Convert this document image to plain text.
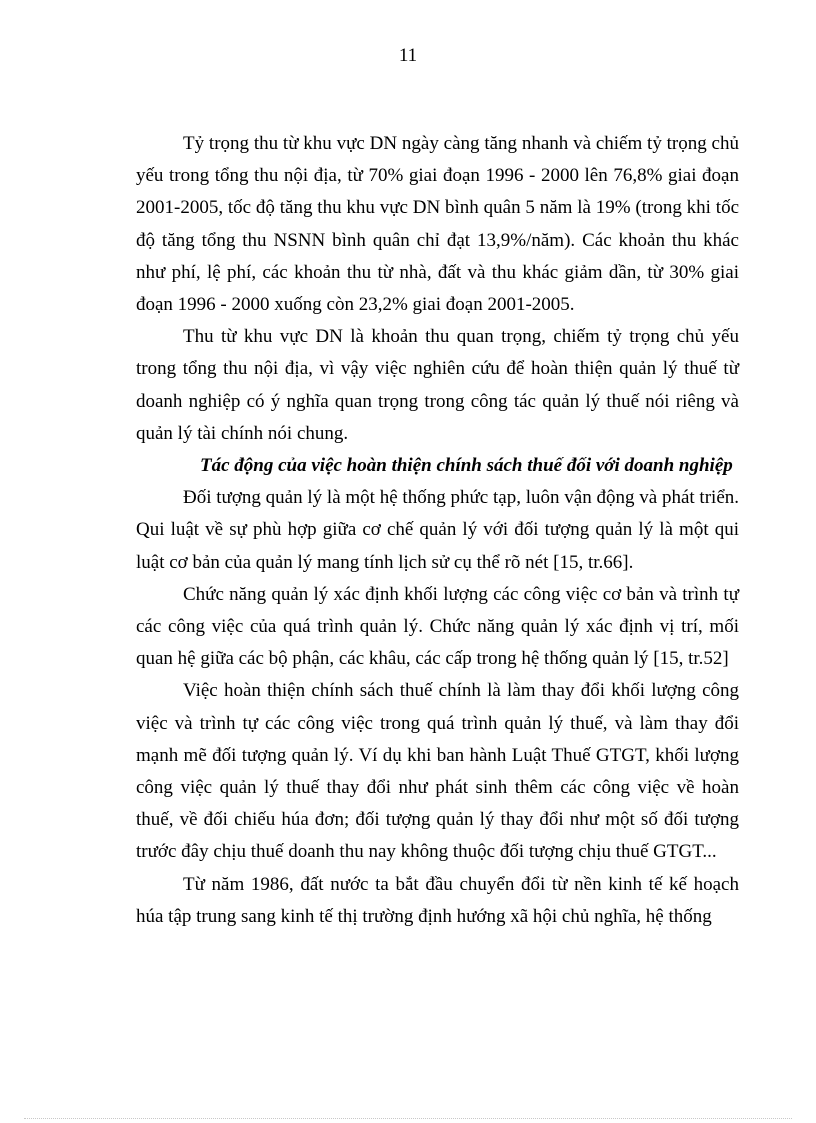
11

Tỷ trọng thu từ khu vực DN ngày càng tăng nhanh và chiếm tỷ trọng chủ yếu trong tổng thu nội địa, từ 70% giai đoạn 1996 - 2000 lên 76,8% giai đoạn 2001-2005, tốc độ tăng thu khu vực DN bình quân 5 năm là 19% (trong khi tốc độ tăng tổng thu NSNN bình quân chỉ đạt 13,9%/năm). Các khoản thu khác như phí, lệ phí, các khoản thu từ nhà, đất và thu khác giảm dần, từ 30% giai đoạn 1996 - 2000 xuống còn 23,2% giai đoạn 2001-2005.

Thu từ khu vực DN là khoản thu quan trọng, chiếm tỷ trọng chủ yếu trong tổng thu nội địa, vì vậy việc nghiên cứu để hoàn thiện quản lý thuế từ doanh nghiệp có ý nghĩa quan trọng trong công tác quản lý thuế nói riêng và quản lý tài chính nói chung.

Tác động của việc hoàn thiện chính sách thuế đối với doanh nghiệp

Đối tượng quản lý là một hệ thống phức tạp, luôn vận động và phát triển. Qui luật về sự phù hợp giữa cơ chế quản lý với đối tượng quản lý là một qui luật cơ bản của quản lý mang tính lịch sử cụ thể rõ nét [15, tr.66].

Chức năng quản lý xác định khối lượng các công việc cơ bản và trình tự các công việc của quá trình quản lý. Chức năng quản lý xác định vị trí, mối quan hệ giữa các bộ phận, các khâu, các cấp trong hệ thống quản lý [15, tr.52]

Việc hoàn thiện chính sách thuế chính là làm thay đổi khối lượng công việc và trình tự các công việc trong quá trình quản lý thuế, và làm thay đổi mạnh mẽ đối tượng quản lý. Ví dụ khi ban hành Luật Thuế GTGT, khối lượng công việc quản lý thuế thay đổi như phát sinh thêm các công việc về hoàn thuế, về đối chiếu húa đơn; đối tượng quản lý thay đổi như một số đối tượng trước đây chịu thuế doanh thu nay không thuộc đối tượng chịu thuế GTGT...

Từ năm 1986, đất nước ta bắt đầu chuyển đổi từ nền kinh tế kế hoạch húa tập trung sang kinh tế thị trường định hướng xã hội chủ nghĩa, hệ thống
